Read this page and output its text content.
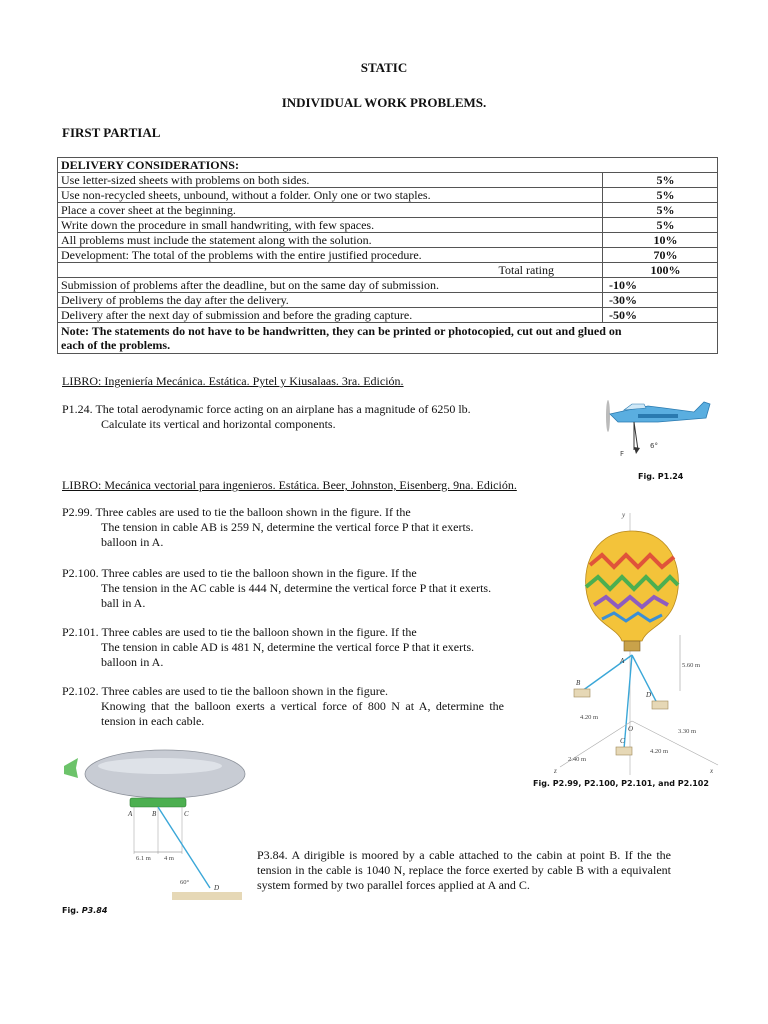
STATIC
INDIVIDUAL WORK PROBLEMS.
FIRST PARTIAL
DELIVERY CONSIDERATIONS:	
Use letter-sized sheets with problems on both sides.	5%
Use non-recycled sheets, unbound, without a folder. Only one or two staples.	5%
Place a cover sheet at the beginning.	5%
Write down the procedure in small handwriting, with few spaces.	5%
All problems must include the statement along with the solution.	10%
Development: The total of the problems with the entire justified procedure.	70%
Total rating	100%
Submission of problems after the deadline, but on the same day of submission.	-10%
Delivery of problems the day after the delivery.	-30%
Delivery after the next day of submission and before the grading capture.	-50%
Note: The statements do not have to be handwritten, they can be printed or photocopied, cut out and glued on each of the problems.	
LIBRO: Ingeniería Mecánica. Estática. Pytel y Kiusalaas. 3ra. Edición.
P1.24. The total aerodynamic force acting on an airplane has a magnitude of 6250 lb.
Calculate its vertical and horizontal components.
F
6°
Fig. P1.24
LIBRO: Mecánica vectorial para ingenieros. Estática. Beer, Johnston, Eisenberg. 9na. Edición.
P2.99. Three cables are used to tie the balloon shown in the figure. If the
The tension in cable AB is 259 N, determine the vertical force P that it exerts.
balloon in A.
P2.100. Three cables are used to tie the balloon shown in the figure. If the
The tension in the AC cable is 444 N, determine the vertical force P that it exerts.
ball in A.
P2.101. Three cables are used to tie the balloon shown in the figure. If the
The tension in cable AD is 481 N, determine the vertical force P that it exerts.
balloon in A.
P2.102. Three cables are used to tie the balloon shown in the figure.
Knowing that the balloon exerts a vertical force of 800 N at A, determine the tension in each cable.
y
A
B
D
C
O
x
z
5.60 m
4.20 m
3.30 m
4.20 m
2.40 m
Fig. P2.99, P2.100, P2.101, and P2.102
A	B	C
6.1 m 4 m
60°
D
Fig. P3.84
P3.84. A dirigible is moored by a cable attached to the cabin at point B. If the the tension in the cable is 1040 N, replace the force exerted by cable B with a equivalent system formed by two parallel forces applied at A and C.
